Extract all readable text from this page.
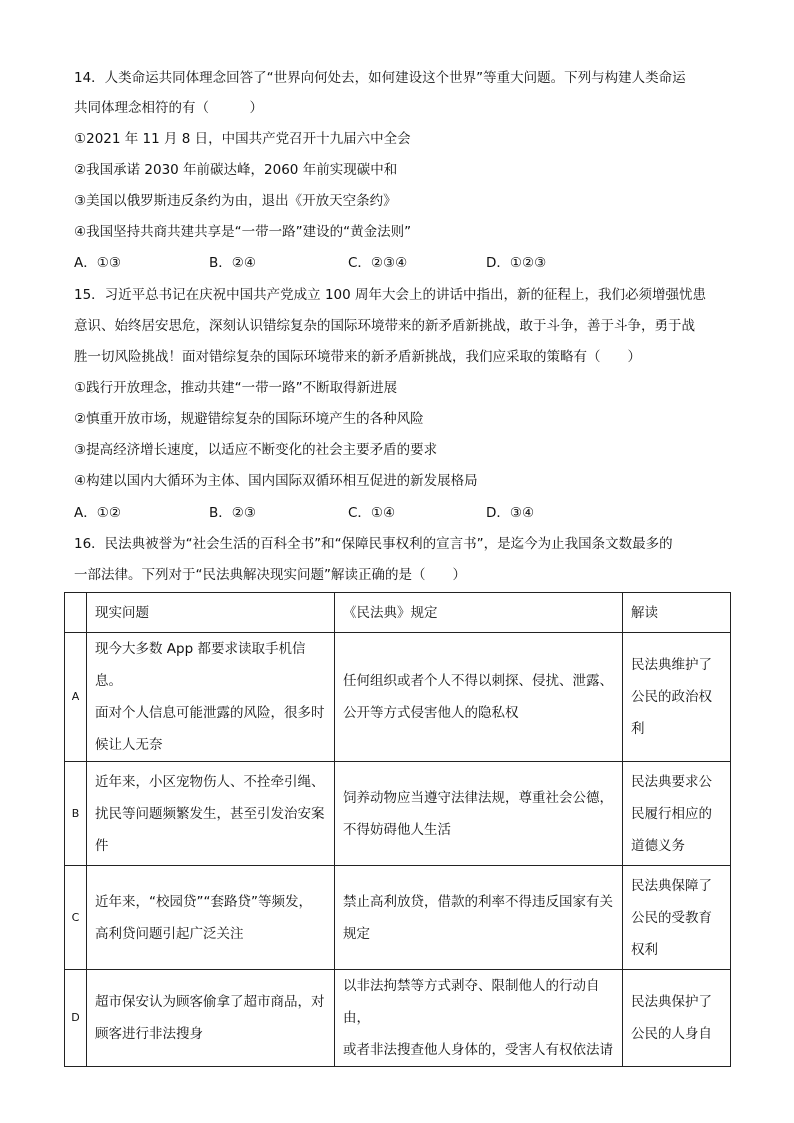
14．人类命运共同体理念回答了“世界向何处去，如何建设这个世界”等重大问题。下列与构建人类命运
共同体理念相符的有（　　　）
①2021 年 11 月 8 日，中国共产党召开十九届六中全会
②我国承诺 2030 年前碳达峰，2060 年前实现碳中和
③美国以俄罗斯违反条约为由，退出《开放天空条约》
④我国坚持共商共建共享是“一带一路”建设的“黄金法则”
A．①③	B．②④	C．②③④	D．①②③
15．习近平总书记在庆祝中国共产党成立 100 周年大会上的讲话中指出，新的征程上，我们必须增强忧患
意识、始终居安思危，深刻认识错综复杂的国际环境带来的新矛盾新挑战，敢于斗争，善于斗争，勇于战
胜一切风险挑战！面对错综复杂的国际环境带来的新矛盾新挑战，我们应采取的策略有（　　）
①践行开放理念，推动共建“一带一路”不断取得新进展
②慎重开放市场，规避错综复杂的国际环境产生的各种风险
③提高经济增长速度，以适应不断变化的社会主要矛盾的要求
④构建以国内大循环为主体、国内国际双循环相互促进的新发展格局
A．①②	B．②③	C．①④	D．③④
16．民法典被誉为“社会生活的百科全书”和“保障民事权利的宣言书”，是迄今为止我国条文数最多的
一部法律。下列对于“民法典解决现实问题”解读正确的是（　　）
	现实问题	《民法典》规定	解读
A	现今大多数 App 都要求读取手机信息。
面对个人信息可能泄露的风险，很多时
候让人无奈	任何组织或者个人不得以刺探、侵扰、泄露、
公开等方式侵害他人的隐私权	民法典维护了
公民的政治权
利

B	近年来，小区宠物伤人、不拴牵引绳、
扰民等问题频繁发生，甚至引发治安案
件	饲养动物应当遵守法律法规，尊重社会公德，
不得妨碍他人生活	民法典要求公
民履行相应的
道德义务

C	近年来，“校园贷”“套路贷”等频发，
高利贷问题引起广泛关注	禁止高利放贷，借款的利率不得违反国家有关
规定	民法典保障了
公民的受教育
权利

D	超市保安认为顾客偷拿了超市商品，对
顾客进行非法搜身	以非法拘禁等方式剥夺、限制他人的行动自由，
或者非法搜查他人身体的，受害人有权依法请	民法典保护了
公民的人身自
